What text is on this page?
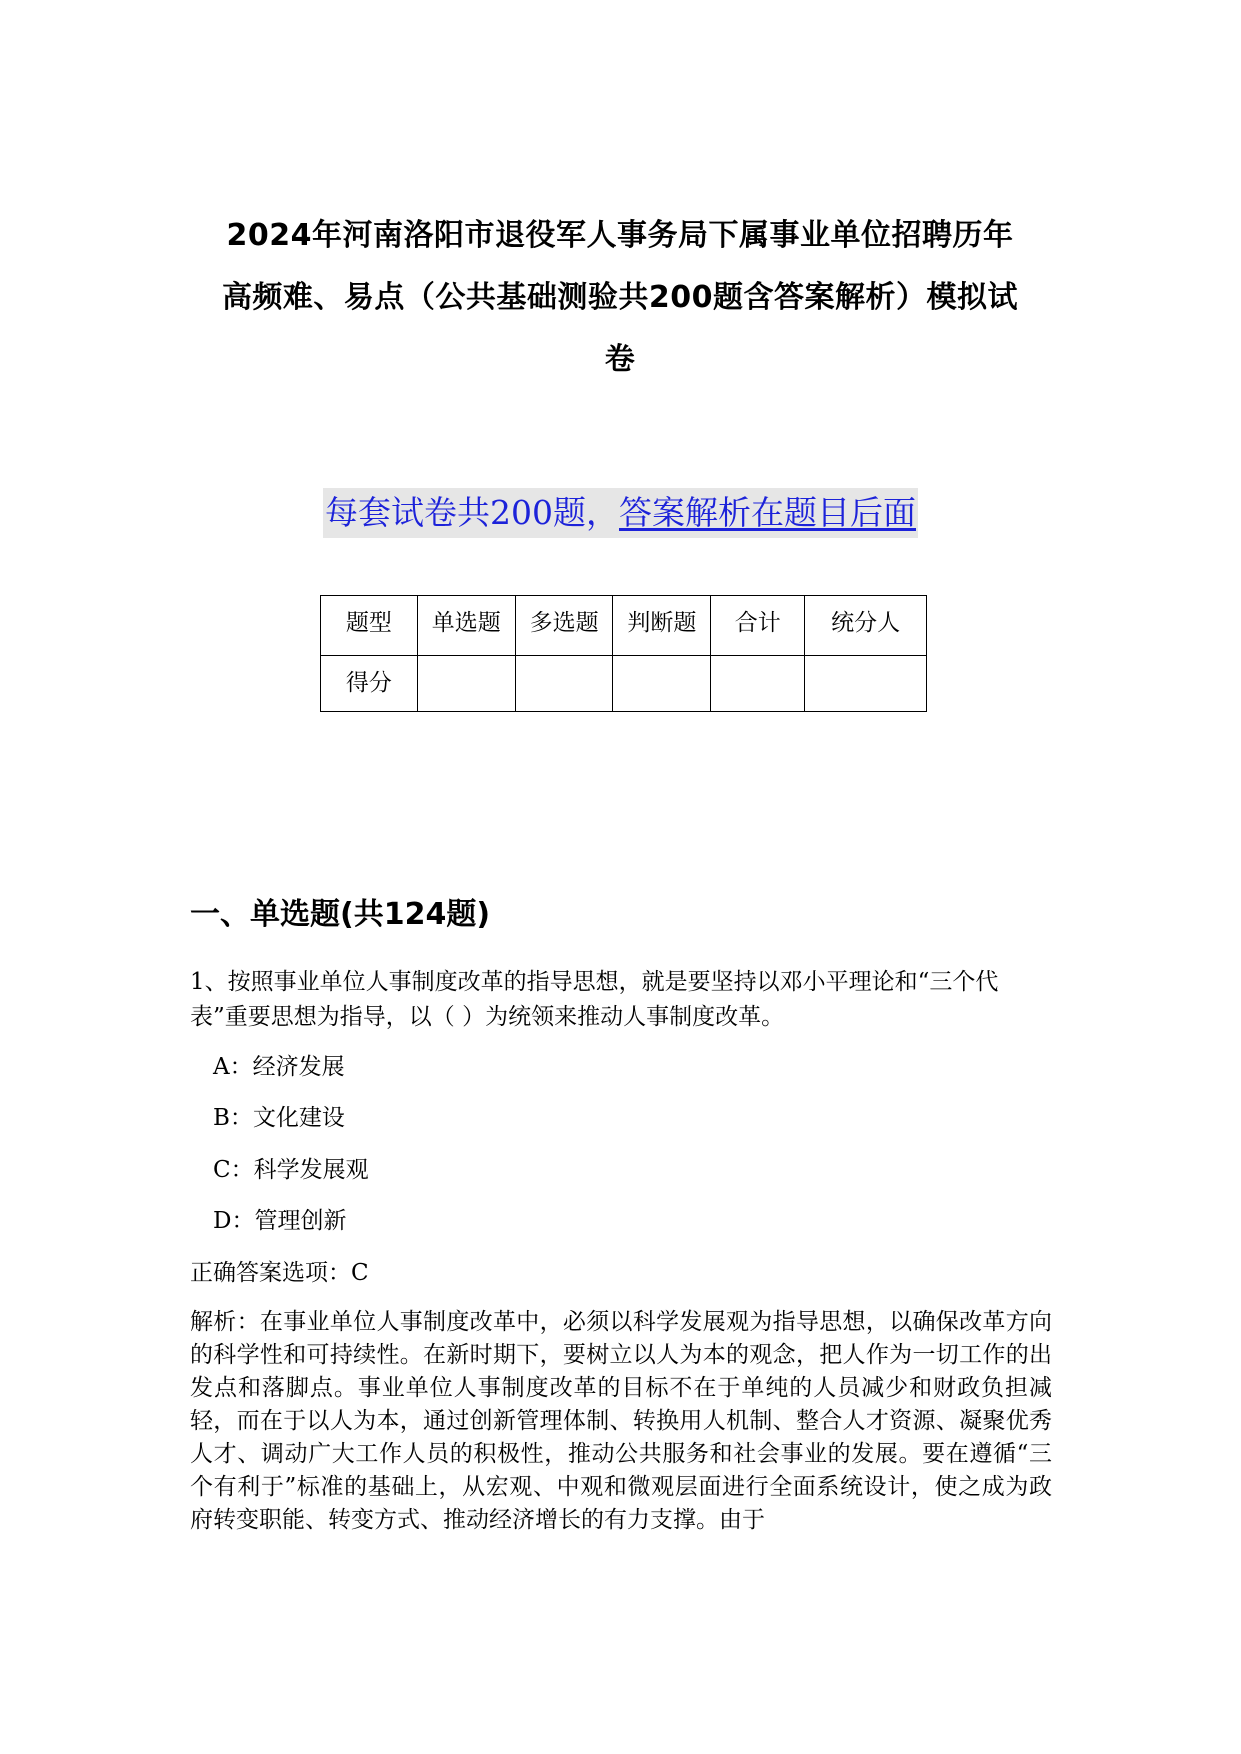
2024年河南洛阳市退役军人事务局下属事业单位招聘历年
高频难、易点（公共基础测验共200题含答案解析）模拟试
卷
每套试卷共200题，答案解析在题目后面
题型	单选题	多选题	判断题	合计	统分人
得分					
一、单选题(共124题)
1、按照事业单位人事制度改革的指导思想，就是要坚持以邓小平理论和“三个代表”重要思想为指导，以（ ）为统领来推动人事制度改革。
A：经济发展
B：文化建设
C：科学发展观
D：管理创新
正确答案选项：C
解析：在事业单位人事制度改革中，必须以科学发展观为指导思想，以确保改革方向的科学性和可持续性。在新时期下，要树立以人为本的观念，把人作为一切工作的出发点和落脚点。事业单位人事制度改革的目标不在于单纯的人员减少和财政负担减轻，而在于以人为本，通过创新管理体制、转换用人机制、整合人才资源、凝聚优秀人才、调动广大工作人员的积极性，推动公共服务和社会事业的发展。要在遵循“三个有利于”标准的基础上，从宏观、中观和微观层面进行全面系统设计，使之成为政府转变职能、转变方式、推动经济增长的有力支撑。由于
